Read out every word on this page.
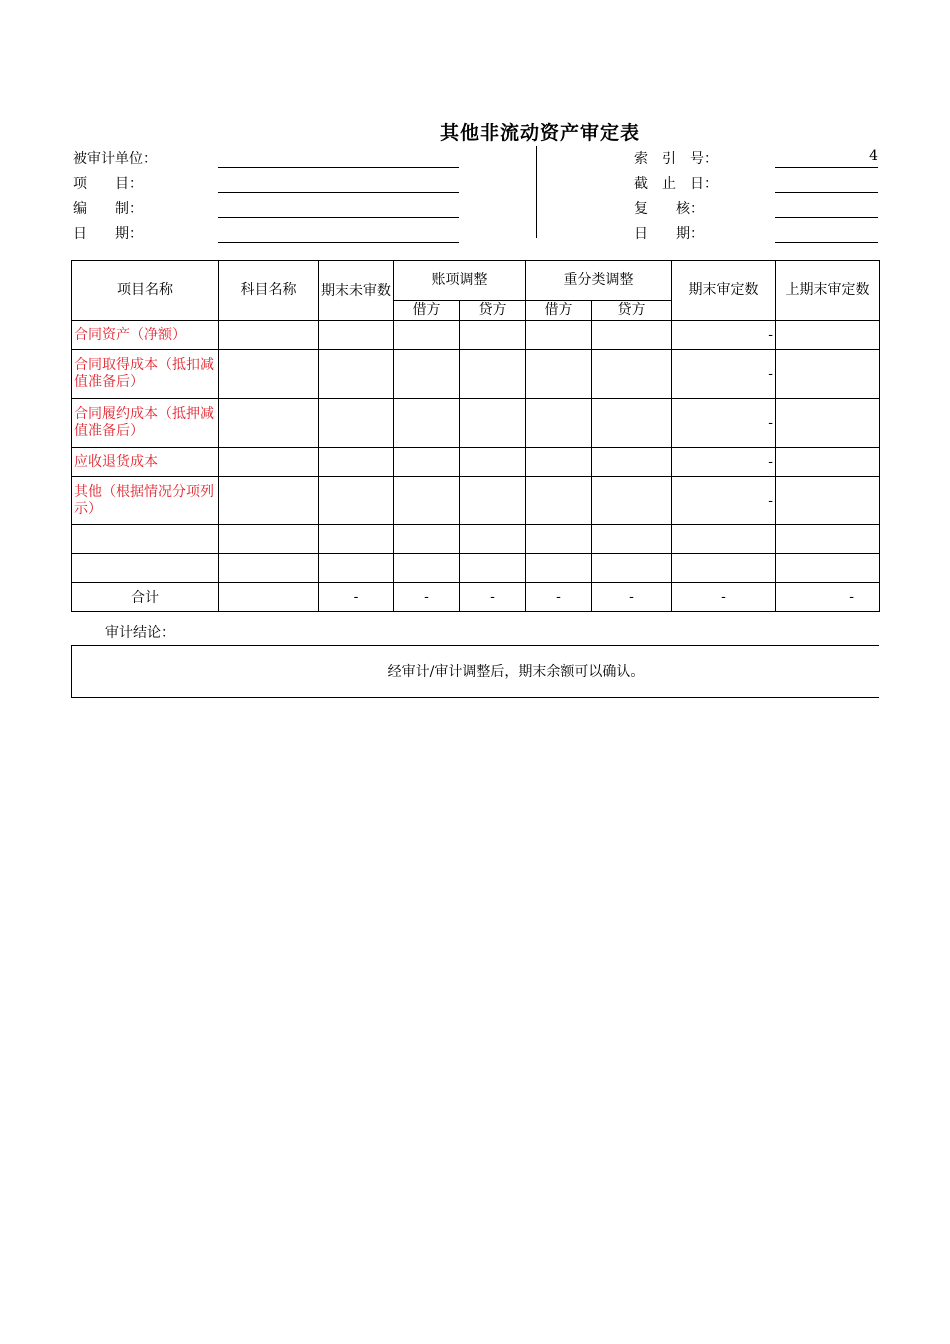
其他非流动资产审定表
被审计单位：
项　　目：
编　　制：
日　　期：
索　引　号：	4
截　止　日：
复　　核：
日　　期：
项目名称	科目名称	期末未审数	账项调整		重分类调整		期末审定数	上期末审定数
			借方	贷方	借方	贷方		
合同资产（净额）							-	
合同取得成本（抵扣减值准备后）							-	
合同履约成本（抵押减值准备后）							-	
应收退货成本							-	
其他（根据情况分项列示）							-	

合计		-	-	-	-	-	-	-
审计结论：
经审计/审计调整后，期末余额可以确认。
